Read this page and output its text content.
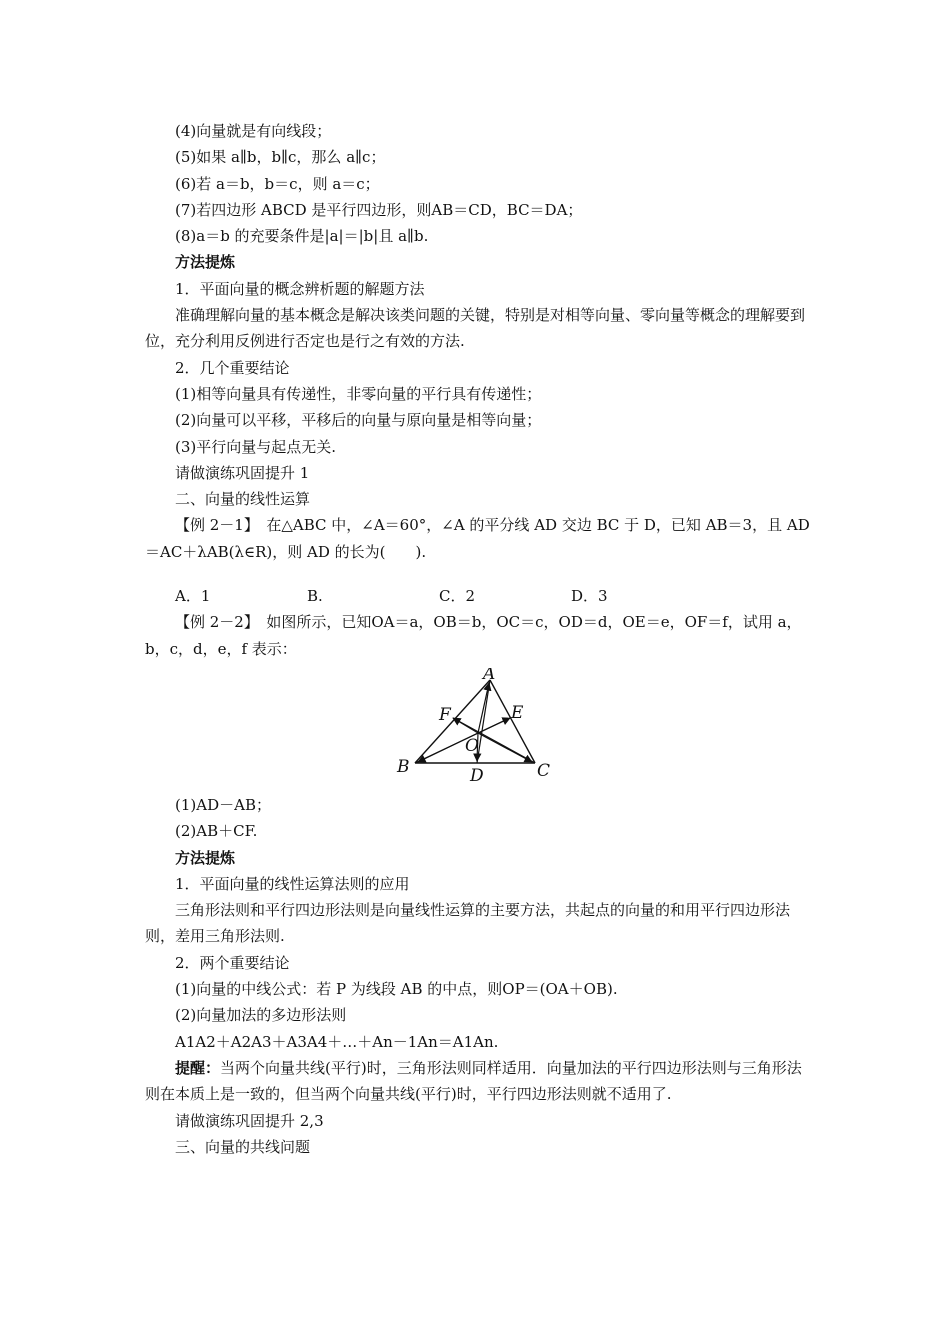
(4)向量就是有向线段；
(5)如果 a∥b，b∥c，那么 a∥c；
(6)若 a＝b，b＝c，则 a＝c；
(7)若四边形 ABCD 是平行四边形，则AB＝CD，BC＝DA；
(8)a＝b 的充要条件是|a|＝|b|且 a∥b.
方法提炼
1．平面向量的概念辨析题的解题方法
准确理解向量的基本概念是解决该类问题的关键，特别是对相等向量、零向量等概念的理解要到位，充分利用反例进行否定也是行之有效的方法.
2．几个重要结论
(1)相等向量具有传递性，非零向量的平行具有传递性；
(2)向量可以平移，平移后的向量与原向量是相等向量；
(3)平行向量与起点无关.
请做演练巩固提升 1
二、向量的线性运算
【例 2－1】　在△ABC 中，∠A＝60°，∠A 的平分线 AD 交边 BC 于 D，已知 AB＝3，且 AD＝AC＋λAB(λ∈R)，则 AD 的长为(　　).
A．1	B.	C．2	D．3
【例 2－2】　如图所示，已知OA＝a，OB＝b，OC＝c，OD＝d，OE＝e，OF＝f，试用 a，b，c，d，e，f 表示：
A
B	C
D
E
F
O
(1)AD－AB；
(2)AB＋CF.
方法提炼
1．平面向量的线性运算法则的应用
三角形法则和平行四边形法则是向量线性运算的主要方法，共起点的向量的和用平行四边形法则，差用三角形法则.
2．两个重要结论
(1)向量的中线公式：若 P 为线段 AB 的中点，则OP＝(OA＋OB).
(2)向量加法的多边形法则
A1A2＋A2A3＋A3A4＋…＋An－1An＝A1An.
提醒：当两个向量共线(平行)时，三角形法则同样适用．向量加法的平行四边形法则与三角形法则在本质上是一致的，但当两个向量共线(平行)时，平行四边形法则就不适用了.
请做演练巩固提升 2,3
三、向量的共线问题
